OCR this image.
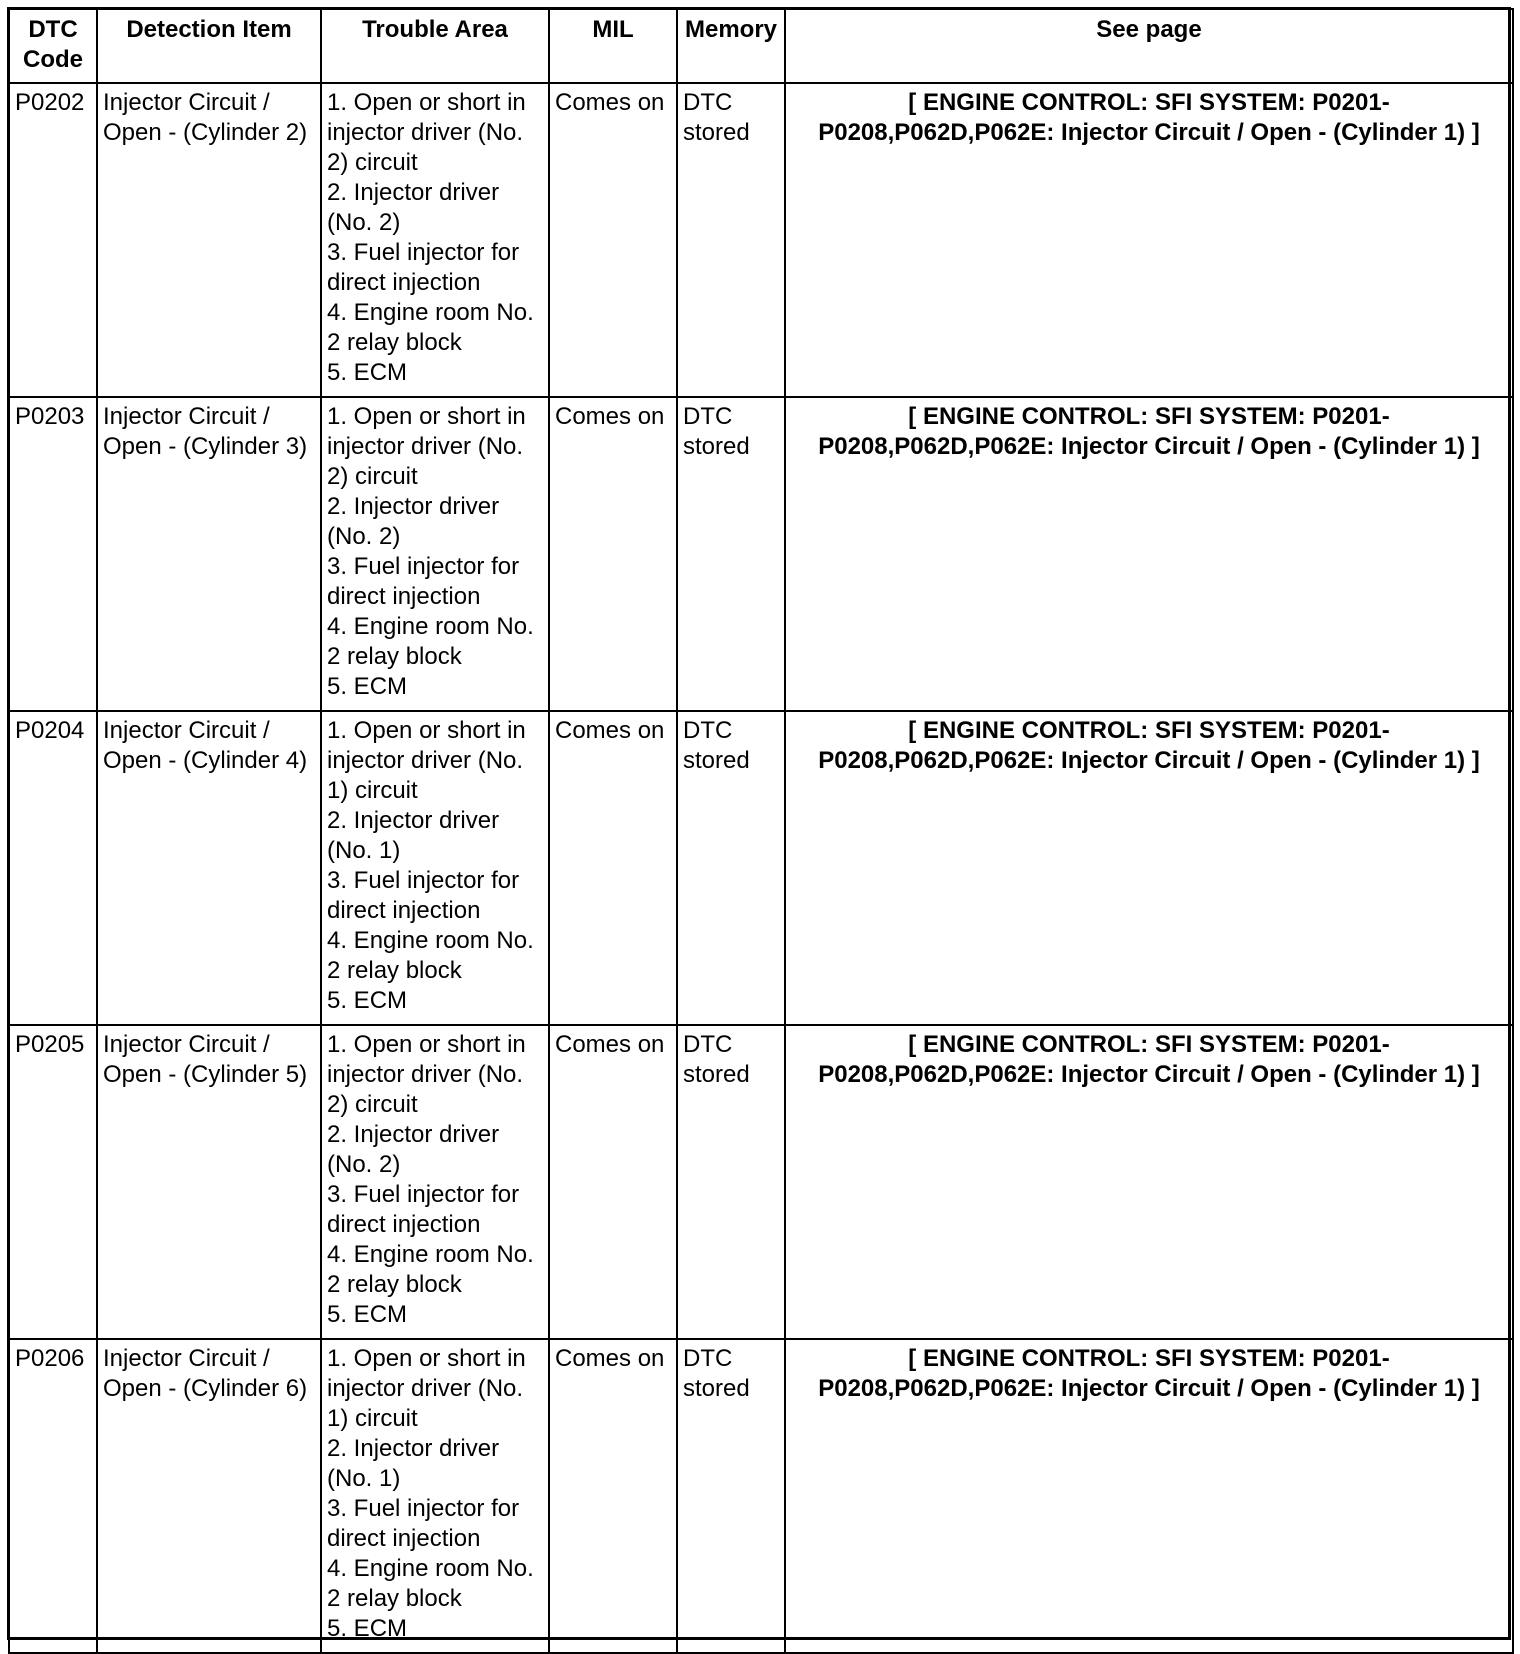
DTC Code	Detection Item	Trouble Area	MIL	Memory	See page
P0202	Injector Circuit / Open - (Cylinder 2)	1. Open or short in injector driver (No. 2) circuit
2. Injector driver (No. 2)
3. Fuel injector for direct injection
4. Engine room No. 2 relay block
5. ECM	Comes on	DTC stored	[ ENGINE CONTROL: SFI SYSTEM: P0201-P0208,P062D,P062E: Injector Circuit / Open - (Cylinder 1) ]
P0203	Injector Circuit / Open - (Cylinder 3)	1. Open or short in injector driver (No. 2) circuit
2. Injector driver (No. 2)
3. Fuel injector for direct injection
4. Engine room No. 2 relay block
5. ECM	Comes on	DTC stored	[ ENGINE CONTROL: SFI SYSTEM: P0201-P0208,P062D,P062E: Injector Circuit / Open - (Cylinder 1) ]
P0204	Injector Circuit / Open - (Cylinder 4)	1. Open or short in injector driver (No. 1) circuit
2. Injector driver (No. 1)
3. Fuel injector for direct injection
4. Engine room No. 2 relay block
5. ECM	Comes on	DTC stored	[ ENGINE CONTROL: SFI SYSTEM: P0201-P0208,P062D,P062E: Injector Circuit / Open - (Cylinder 1) ]
P0205	Injector Circuit / Open - (Cylinder 5)	1. Open or short in injector driver (No. 2) circuit
2. Injector driver (No. 2)
3. Fuel injector for direct injection
4. Engine room No. 2 relay block
5. ECM	Comes on	DTC stored	[ ENGINE CONTROL: SFI SYSTEM: P0201-P0208,P062D,P062E: Injector Circuit / Open - (Cylinder 1) ]
P0206	Injector Circuit / Open - (Cylinder 6)	1. Open or short in injector driver (No. 1) circuit
2. Injector driver (No. 1)
3. Fuel injector for direct injection
4. Engine room No. 2 relay block
5. ECM	Comes on	DTC stored	[ ENGINE CONTROL: SFI SYSTEM: P0201-P0208,P062D,P062E: Injector Circuit / Open - (Cylinder 1) ]
